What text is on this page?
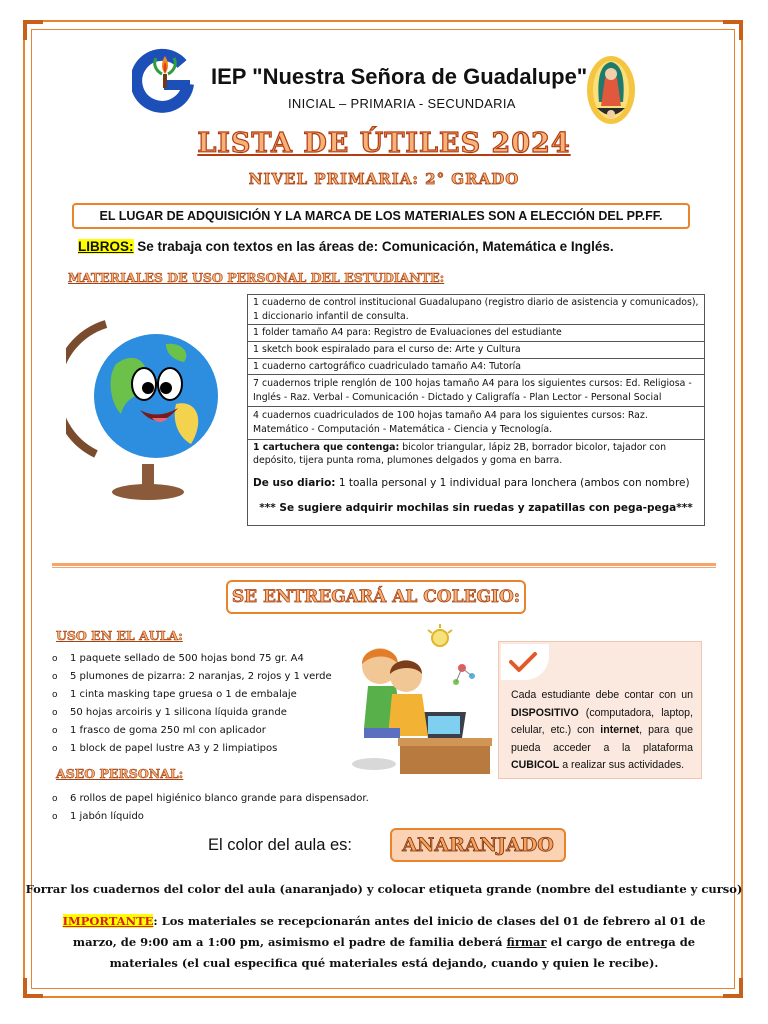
IEP "Nuestra Señora de Guadalupe"
INICIAL – PRIMARIA - SECUNDARIA
LISTA DE ÚTILES 2024
NIVEL PRIMARIA: 2° GRADO
EL LUGAR DE ADQUISICIÓN Y LA MARCA DE LOS MATERIALES SON A ELECCIÓN DEL PP.FF.
LIBROS: Se trabaja con textos en las áreas de: Comunicación, Matemática e Inglés.
MATERIALES DE USO PERSONAL DEL ESTUDIANTE:
1 cuaderno de control institucional Guadalupano (registro diario de asistencia y comunicados), 1 diccionario infantil de consulta.
1 folder tamaño A4 para: Registro de Evaluaciones del estudiante
1 sketch book espiralado para el curso de: Arte y Cultura
1 cuaderno cartográfico cuadriculado tamaño A4: Tutoría
7 cuadernos triple renglón de 100 hojas tamaño A4 para los siguientes cursos: Ed. Religiosa - Inglés - Raz. Verbal - Comunicación - Dictado y Caligrafía - Plan Lector - Personal Social
4 cuadernos cuadriculados de 100 hojas tamaño A4 para los siguientes cursos: Raz. Matemático - Computación - Matemática - Ciencia y Tecnología.
1 cartuchera que contenga: bicolor triangular, lápiz 2B, borrador bicolor, tajador con depósito, tijera punta roma, plumones delgados y goma en barra.
De uso diario: 1 toalla personal y 1 individual para lonchera (ambos con nombre)
*** Se sugiere adquirir mochilas sin ruedas y zapatillas con pega-pega***
SE ENTREGARÁ AL COLEGIO:
USO EN EL AULA:
o 1 paquete sellado de 500 hojas bond 75 gr. A4
o 5 plumones de pizarra: 2 naranjas, 2 rojos y 1 verde
o 1 cinta masking tape gruesa o 1 de embalaje
o 50 hojas arcoiris y 1 silicona líquida grande
o 1 frasco de goma 250 ml con aplicador
o 1 block de papel lustre A3 y 2 limpiatipos
ASEO PERSONAL:
o 6 rollos de papel higiénico blanco grande para dispensador.
o 1 jabón líquido
Cada estudiante debe contar con un DISPOSITIVO (computadora, laptop, celular, etc.) con internet, para que pueda acceder a la plataforma CUBICOL a realizar sus actividades.
El color del aula es:	ANARANJADO
Forrar los cuadernos del color del aula (anaranjado) y colocar etiqueta grande (nombre del estudiante y curso)
IMPORTANTE: Los materiales se recepcionarán antes del inicio de clases del 01 de febrero al 01 de marzo, de 9:00 am a 1:00 pm, asimismo el padre de familia deberá firmar el cargo de entrega de materiales (el cual especifica qué materiales está dejando, cuando y quien le recibe).
